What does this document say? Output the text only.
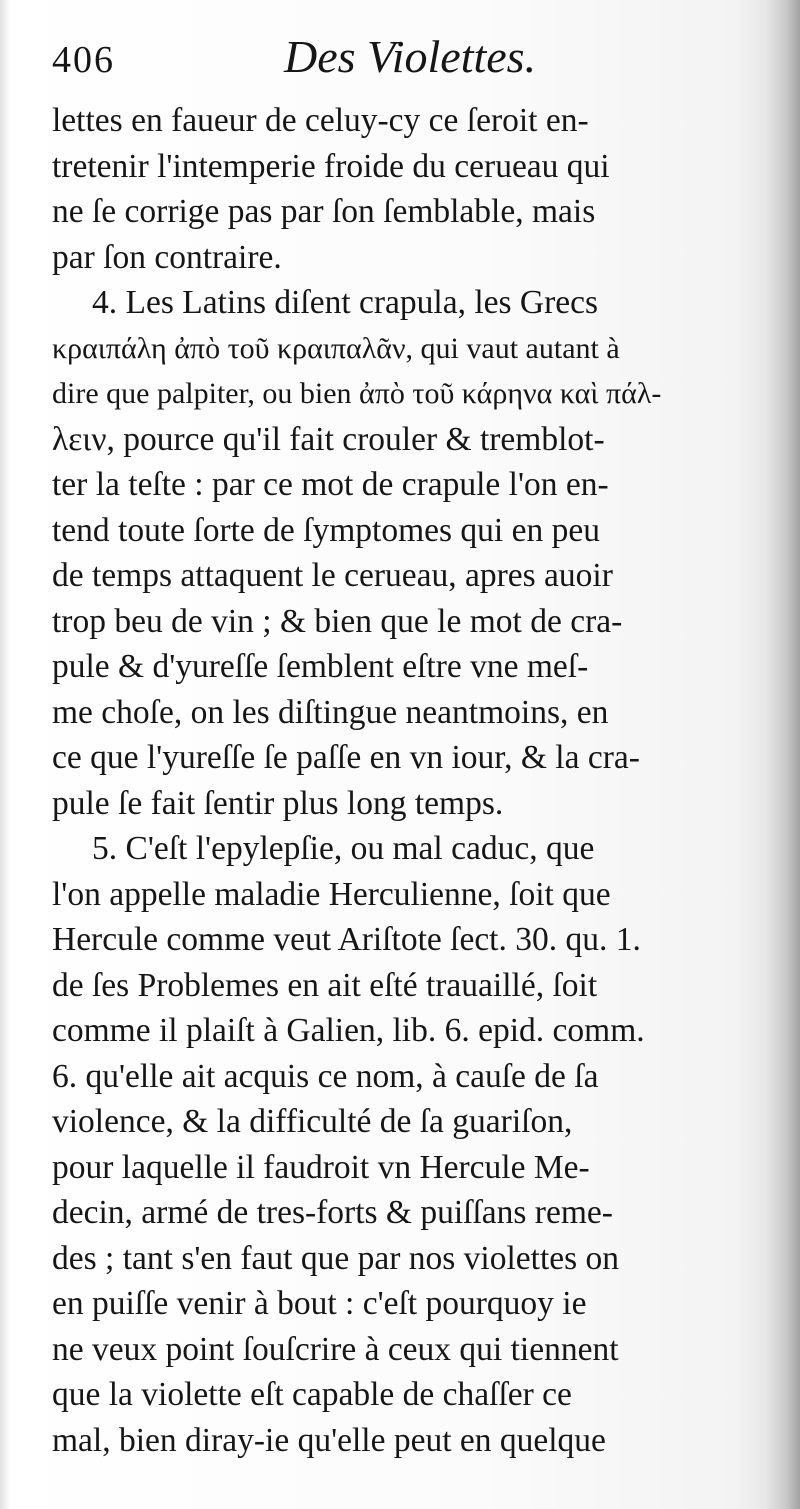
406	Des Violettes.
lettes en faueur de celuy-cy ce ſeroit en-
tretenir l'intemperie froide du cerueau qui
ne ſe corrige pas par ſon ſemblable, mais
par ſon contraire.
4. Les Latins diſent crapula, les Grecs
κραιπάλη ἀπὸ τοῦ κραιπαλᾶν, qui vaut autant à
dire que palpiter, ou bien ἀπὸ τοῦ κάρηνα καὶ πάλ-
λειν, pource qu'il fait crouler & tremblot-
ter la teſte : par ce mot de crapule l'on en-
tend toute ſorte de ſymptomes qui en peu
de temps attaquent le cerueau, apres auoir
trop beu de vin ; & bien que le mot de cra-
pule & d'yureſſe ſemblent eſtre vne meſ-
me choſe, on les diſtingue neantmoins, en
ce que l'yureſſe ſe paſſe en vn iour, & la cra-
pule ſe fait ſentir plus long temps.
5. C'eſt l'epylepſie, ou mal caduc, que
l'on appelle maladie Herculienne, ſoit que
Hercule comme veut Ariſtote ſect. 30. qu. 1.
de ſes Problemes en ait eſté trauaillé, ſoit
comme il plaiſt à Galien, lib. 6. epid. comm.
6. qu'elle ait acquis ce nom, à cauſe de ſa
violence, & la difficulté de ſa guariſon,
pour laquelle il faudroit vn Hercule Me-
decin, armé de tres-forts & puiſſans reme-
des ; tant s'en faut que par nos violettes on
en puiſſe venir à bout : c'eſt pourquoy ie
ne veux point ſouſcrire à ceux qui tiennent
que la violette eſt capable de chaſſer ce
mal, bien diray-ie qu'elle peut en quelque
